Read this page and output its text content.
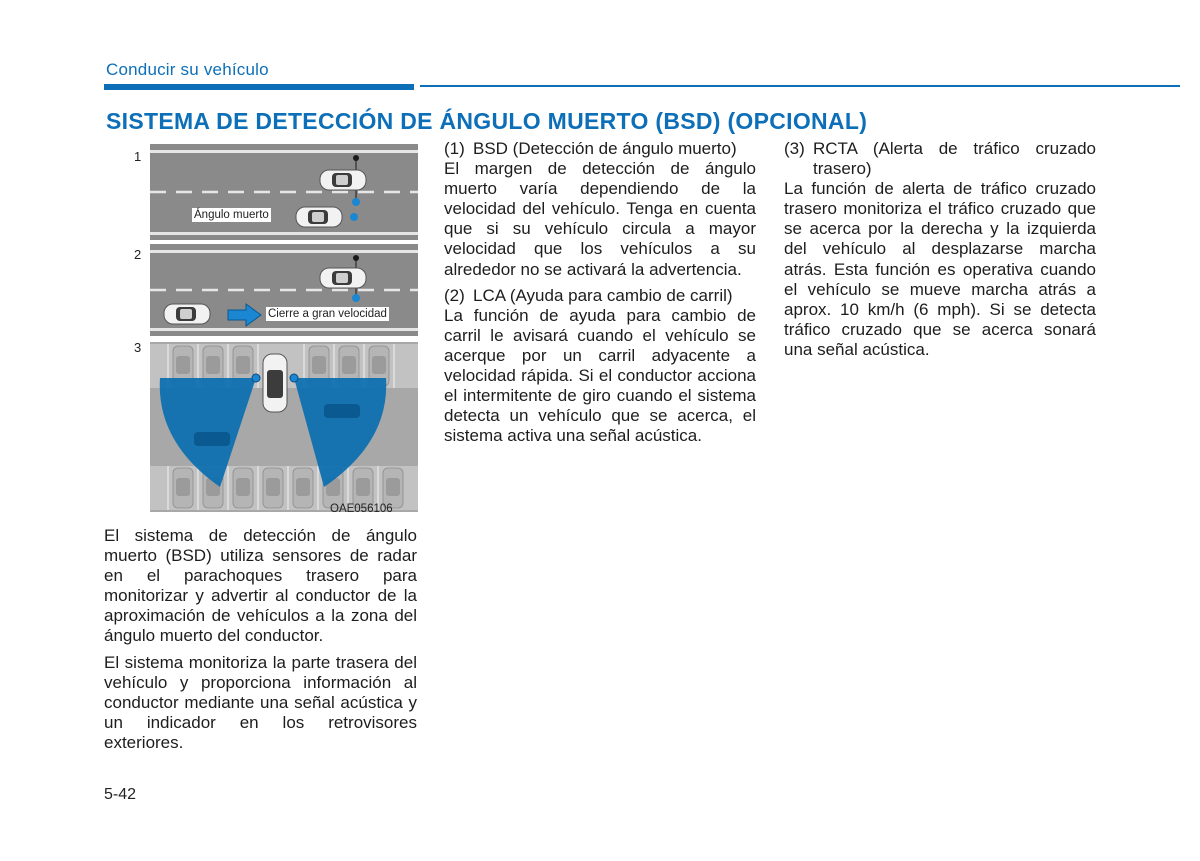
Conducir su vehículo
SISTEMA DE DETECCIÓN DE ÁNGULO MUERTO (BSD) (OPCIONAL)
1
2
3
Ángulo muerto
Cierre a gran velocidad
OAE056106

El sistema de detección de ángulo muerto (BSD) utiliza sensores de radar en el parachoques trasero para monitorizar y advertir al conductor de la aproximación de vehículos a la zona del ángulo muerto del conductor.

El sistema monitoriza la parte trasera del vehículo y proporciona información al conductor mediante una señal acústica y un indicador en los retrovisores exteriores.

(1) BSD (Detección de ángulo muerto)

El margen de detección de ángulo muerto varía dependiendo de la velocidad del vehículo. Tenga en cuenta que si su vehículo circula a mayor velocidad que los vehículos a su alrededor no se activará la advertencia.

(2) LCA (Ayuda para cambio de carril)

La función de ayuda para cambio de carril le avisará cuando el vehículo se acerque por un carril adyacente a velocidad rápida. Si el conductor acciona el intermitente de giro cuando el sistema detecta un vehículo que se acerca, el sistema activa una señal acústica.

(3) RCTA (Alerta de tráfico cruzado trasero)

La función de alerta de tráfico cruzado trasero monitoriza el tráfico cruzado que se acerca por la derecha y la izquierda del vehículo al desplazarse marcha atrás. Esta función es operativa cuando el vehículo se mueve marcha atrás a aprox. 10 km/h (6 mph). Si se detecta tráfico cruzado que se acerca sonará una señal acústica.

5-42
